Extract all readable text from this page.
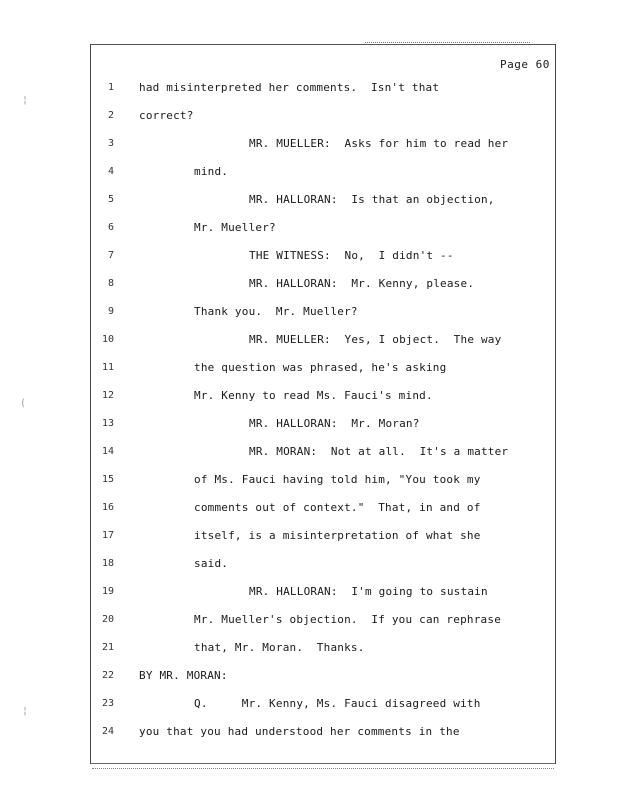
¦
(
¦
Page 60
1 had misinterpreted her comments.  Isn't that
2 correct?
3	MR. MUELLER:  Asks for him to read her
4	mind.
5	MR. HALLORAN:  Is that an objection,
6	Mr. Mueller?
7	THE WITNESS:  No,  I didn't --
8	MR. HALLORAN:  Mr. Kenny, please.
9	Thank you.  Mr. Mueller?
10	MR. MUELLER:  Yes, I object.  The way
11	the question was phrased, he's asking
12	Mr. Kenny to read Ms. Fauci's mind.
13	MR. HALLORAN:  Mr. Moran?
14	MR. MORAN:  Not at all.  It's a matter
15	of Ms. Fauci having told him, "You took my
16	comments out of context."  That, in and of
17	itself, is a misinterpretation of what she
18	said.
19	MR. HALLORAN:  I'm going to sustain
20	Mr. Mueller's objection.  If you can rephrase
21	that, Mr. Moran.  Thanks.
22 BY MR. MORAN:
23	Q.     Mr. Kenny, Ms. Fauci disagreed with
24 you that you had understood her comments in the
